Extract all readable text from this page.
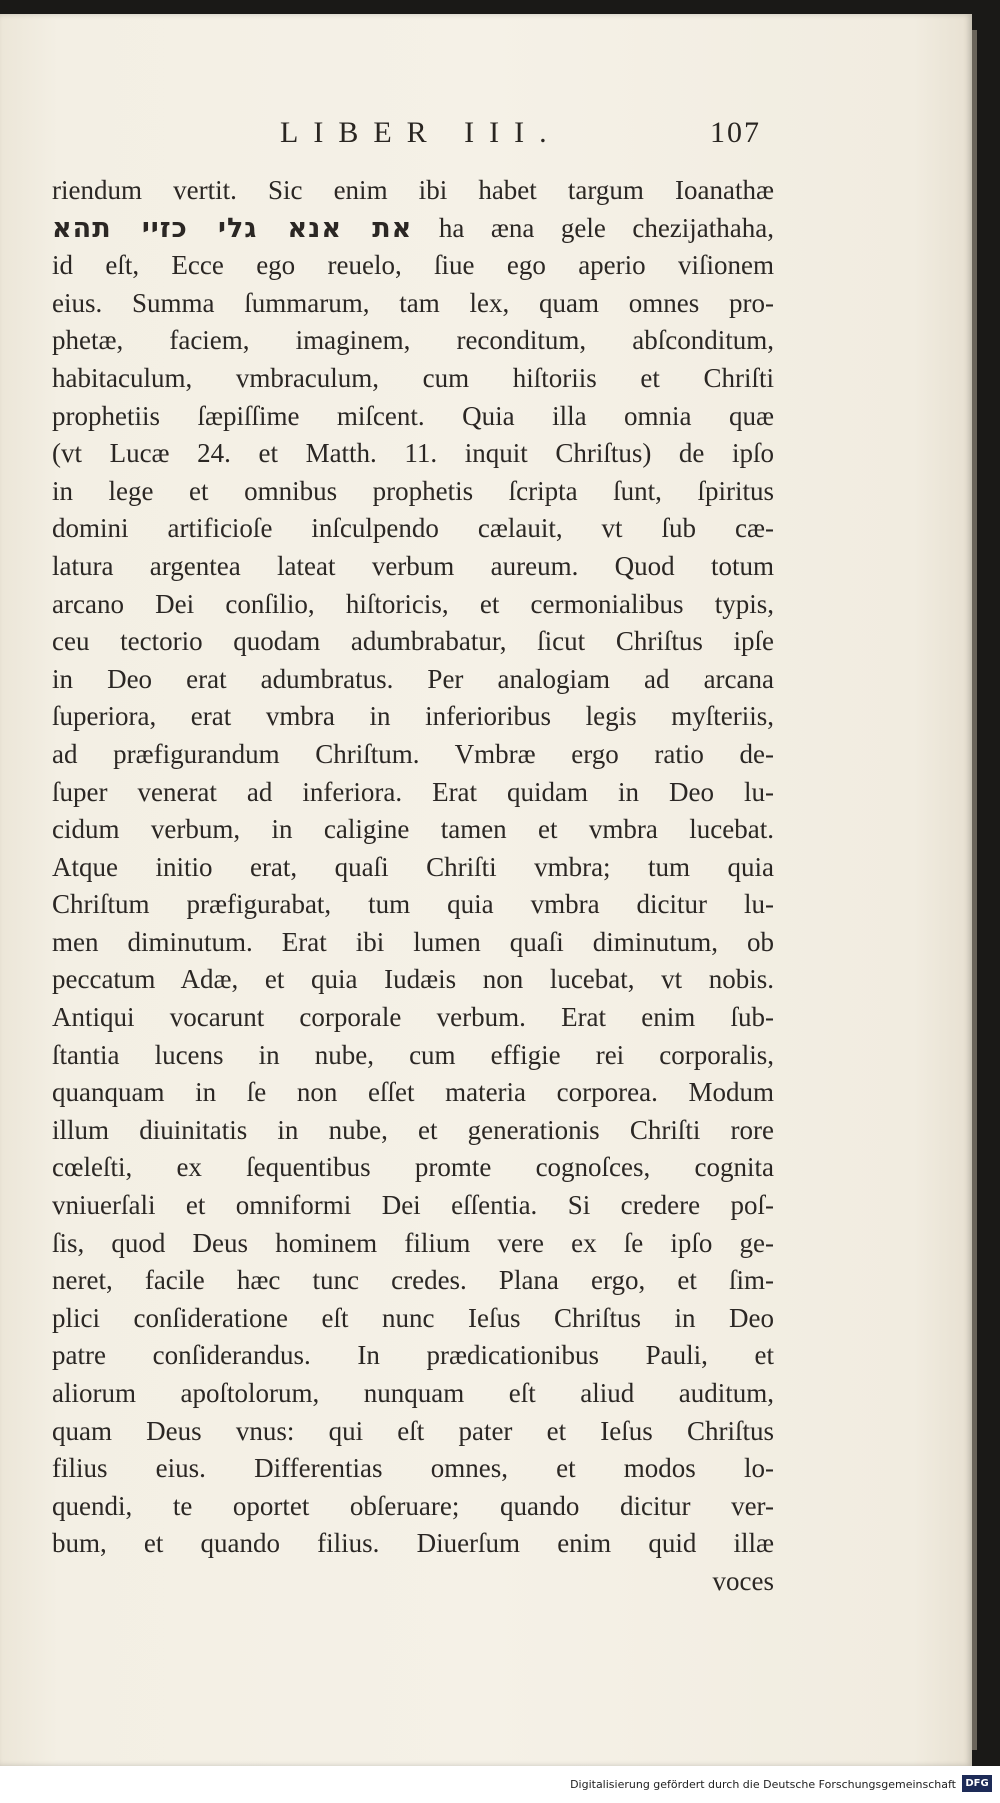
LIBER III.	107
riendum vertit. Sic enim ibi habet targum Ioanathæ
את אנא גלי כזיי תהא ha æna gele chezijathaha,
id eſt, Ecce ego reuelo, ſiue ego aperio viſionem
eius. Summa ſummarum, tam lex, quam omnes pro-
phetæ, faciem, imaginem, reconditum, abſconditum,
habitaculum, vmbraculum, cum hiſtoriis et Chriſti
prophetiis ſæpiſſime miſcent. Quia illa omnia quæ
(vt Lucæ 24. et Matth. 11. inquit Chriſtus) de ipſo
in lege et omnibus prophetis ſcripta ſunt, ſpiritus
domini artificioſe inſculpendo cælauit, vt ſub cæ-
latura argentea lateat verbum aureum. Quod totum
arcano Dei conſilio, hiſtoricis, et cermonialibus typis,
ceu tectorio quodam adumbrabatur, ſicut Chriſtus ipſe
in Deo erat adumbratus. Per analogiam ad arcana
ſuperiora, erat vmbra in inferioribus legis myſteriis,
ad præfigurandum Chriſtum. Vmbræ ergo ratio de-
ſuper venerat ad inferiora. Erat quidam in Deo lu-
cidum verbum, in caligine tamen et vmbra lucebat.
Atque initio erat, quaſi Chriſti vmbra; tum quia
Chriſtum præfigurabat, tum quia vmbra dicitur lu-
men diminutum. Erat ibi lumen quaſi diminutum, ob
peccatum Adæ, et quia Iudæis non lucebat, vt nobis.
Antiqui vocarunt corporale verbum. Erat enim ſub-
ſtantia lucens in nube, cum effigie rei corporalis,
quanquam in ſe non eſſet materia corporea. Modum
illum diuinitatis in nube, et generationis Chriſti rore
cœleſti, ex ſequentibus promte cognoſces, cognita
vniuerſali et omniformi Dei eſſentia. Si credere poſ-
ſis, quod Deus hominem filium vere ex ſe ipſo ge-
neret, facile hæc tunc credes. Plana ergo, et ſim-
plici conſideratione eſt nunc Ieſus Chriſtus in Deo
patre conſiderandus. In prædicationibus Pauli, et
aliorum apoſtolorum, nunquam eſt aliud auditum,
quam Deus vnus: qui eſt pater et Ieſus Chriſtus
filius eius. Differentias omnes, et modos lo-
quendi, te oportet obſeruare; quando dicitur ver-
bum, et quando filius. Diuerſum enim quid illæ
voces
Digitalisierung gefördert durch die Deutsche Forschungsgemeinschaft DFG
